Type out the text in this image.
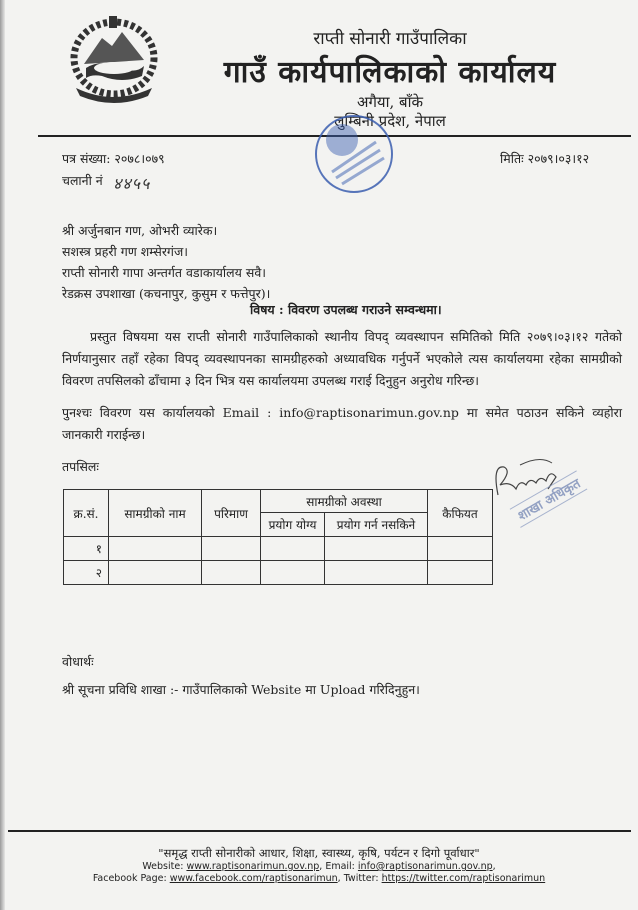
राप्ती सोनारी गाउँपालिका
गाउँ कार्यपालिकाको कार्यालय
अगैया, बाँके
लुम्बिनी प्रदेश, नेपाल
पत्र संख्या: २०७८।०७९
चलानी नं ४४५५
मितिः २०७९।०३।१२
श्री अर्जुनबान गण, ओभरी व्यारेक।
सशस्त्र प्रहरी गण शम्सेरगंज।
राप्ती सोनारी गापा अन्तर्गत वडाकार्यालय सवै।
रेडक्रस उपशाखा (कचनापुर, कुसुम र फत्तेपुर)।
विषय : विवरण उपलब्ध गराउने सम्वन्धमा।
प्रस्तुत विषयमा यस राप्ती सोनारी गाउँपालिकाको स्थानीय विपद् व्यवस्थापन समितिको मिति २०७९।०३।१२ गतेको निर्णयानुसार तहाँ रहेका विपद् व्यवस्थापनका सामग्रीहरुको अध्यावधिक गर्नुपर्ने भएकोले त्यस कार्यालयमा रहेका सामग्रीको विवरण तपसिलको ढाँचामा ३ दिन भित्र यस कार्यालयमा उपलब्ध गराई दिनुहुन अनुरोध गरिन्छ।
पुनश्चः विवरण यस कार्यालयको Email : info@raptisonarimun.gov.np मा समेत पठाउन सकिने व्यहोरा जानकारी गराईन्छ।
तपसिलः
क्र.सं.	सामग्रीको नाम	परिमाण	सामग्रीको अवस्था		कैफियत
			प्रयोग योग्य	प्रयोग गर्न नसकिने	
१					
२					
शाखा अधिकृत
वोधार्थः
श्री सूचना प्रविधि शाखा :- गाउँपालिकाको Website मा Upload गरिदिनुहुन।
"समृद्ध राप्ती सोनारीको आधार, शिक्षा, स्वास्थ्य, कृषि, पर्यटन र दिगो पूर्वाधार"
Website: www.raptisonarimun.gov.np, Email: info@raptisonarimun.gov.np,
Facebook Page: www.facebook.com/raptisonarimun, Twitter: https://twitter.com/raptisonarimun
